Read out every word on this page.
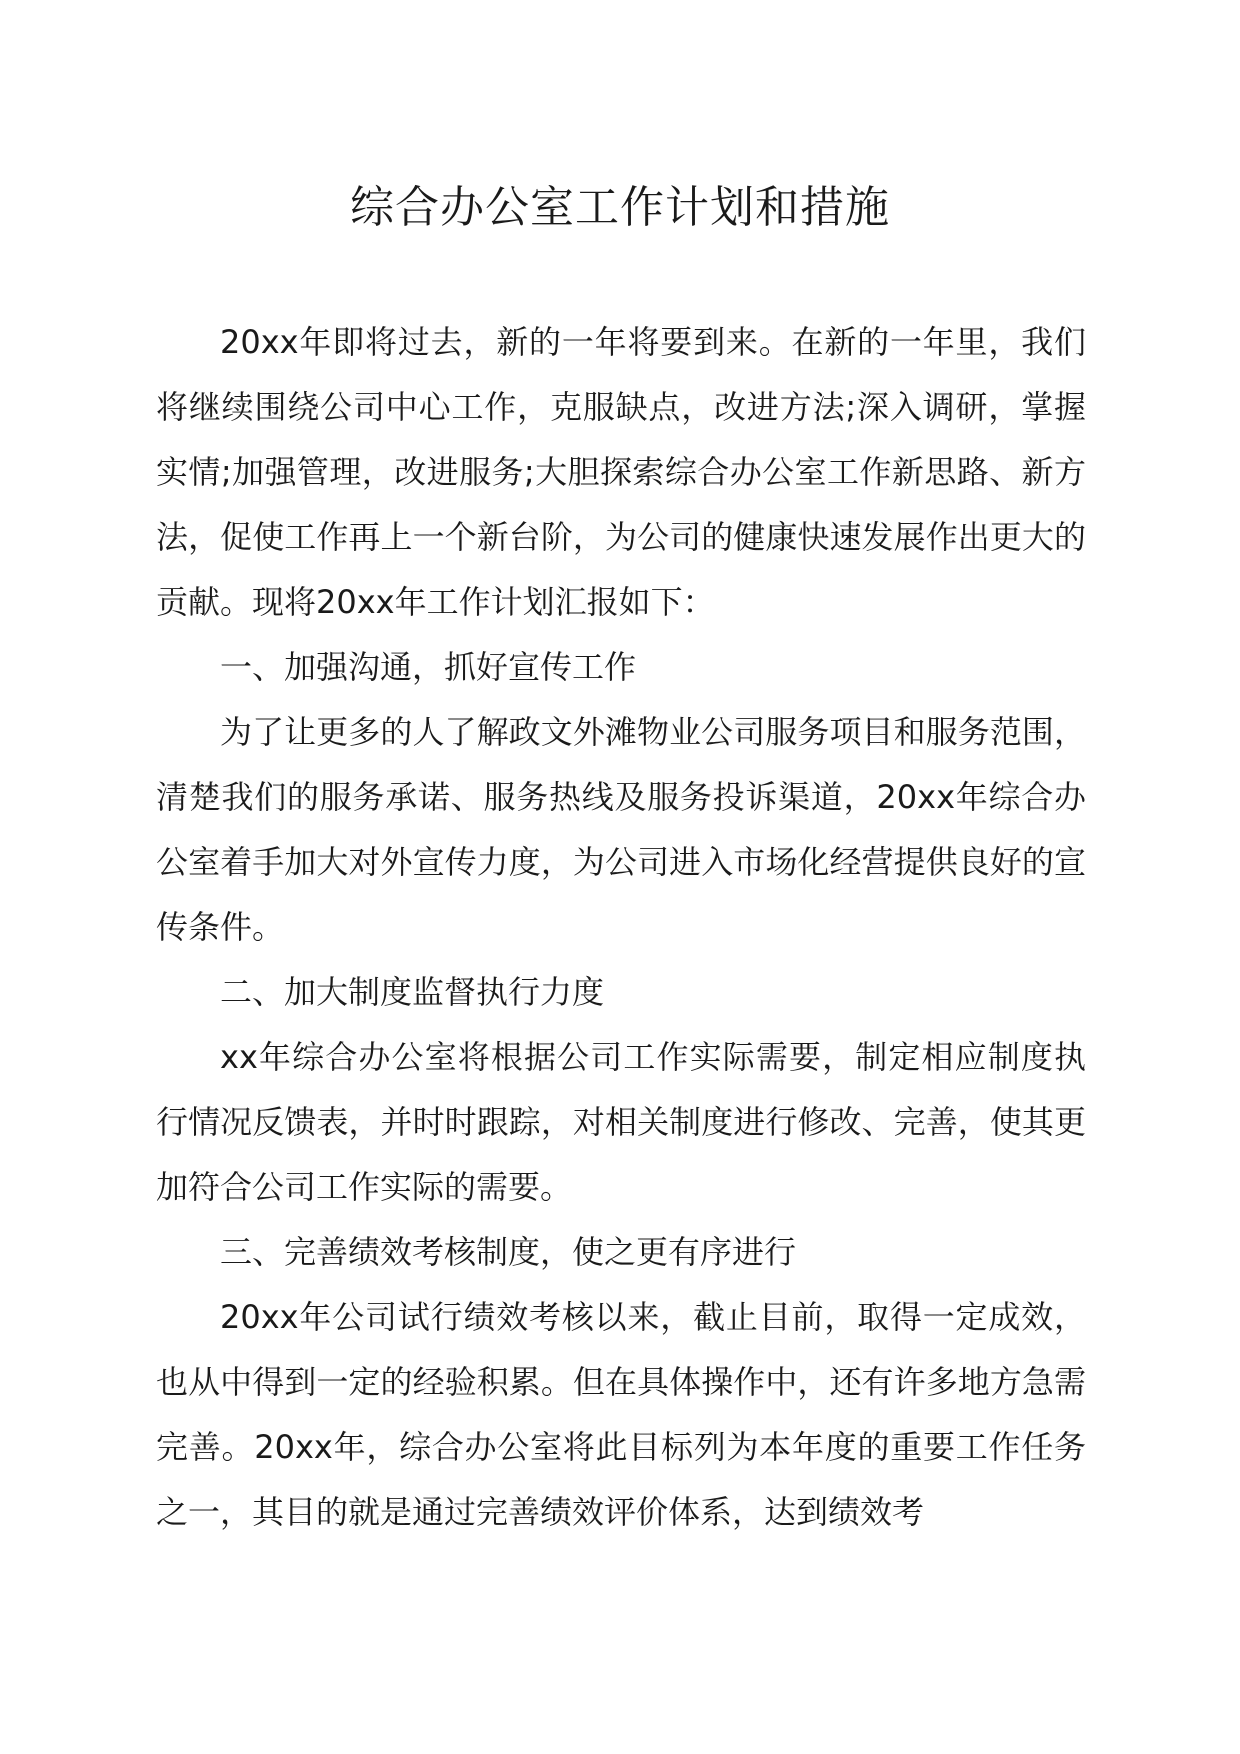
综合办公室工作计划和措施

20xx年即将过去，新的一年将要到来。在新的一年里，我们将继续围绕公司中心工作，克服缺点，改进方法;深入调研，掌握实情;加强管理，改进服务;大胆探索综合办公室工作新思路、新方法，促使工作再上一个新台阶，为公司的健康快速发展作出更大的贡献。现将20xx年工作计划汇报如下：

一、加强沟通，抓好宣传工作

为了让更多的人了解政文外滩物业公司服务项目和服务范围，清楚我们的服务承诺、服务热线及服务投诉渠道，20xx年综合办公室着手加大对外宣传力度，为公司进入市场化经营提供良好的宣传条件。

二、加大制度监督执行力度

xx年综合办公室将根据公司工作实际需要，制定相应制度执行情况反馈表，并时时跟踪，对相关制度进行修改、完善，使其更加符合公司工作实际的需要。

三、完善绩效考核制度，使之更有序进行

20xx年公司试行绩效考核以来，截止目前，取得一定成效，也从中得到一定的经验积累。但在具体操作中，还有许多地方急需完善。20xx年，综合办公室将此目标列为本年度的重要工作任务之一，其目的就是通过完善绩效评价体系，达到绩效考
